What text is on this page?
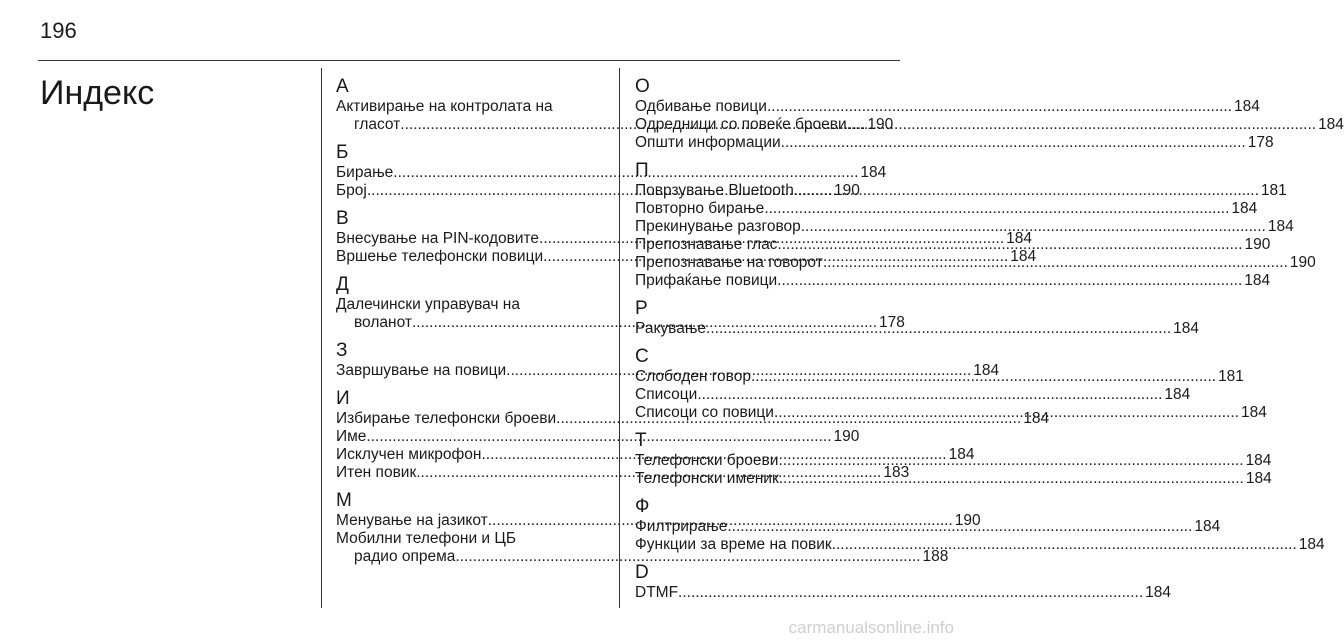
196
Индекс	А
Активирање на контролата на
гласот .....	190
Б
Бирање .....	184
Број .....	190
В
Внесување на PIN-кодовите .....	184
Вршење телефонски повици .....	184
Д
Далечински управувач на
воланот .....	178
З
Завршување на повици .....	184
И
Избирање телефонски броеви .....	184
Име .....	190
Исклучен микрофон .....	184
Итен повик .....	183
М
Менување на јазикот .....	190
Мобилни телефони и ЦБ
радио опрема .....	188
О
Одбивање повици .....	184
Одредници со повеќе броеви. .....	184
Општи информации .....	178
П
Поврзување Bluetooth .....	181
Повторно бирање .....	184
Прекинување разговор .....	184
Препознавање глас .....	190
Препознавање на говорот .....	190
Прифаќање повици .....	184
Р
Ракување .....	184
С
Слободен говор .....	181
Списоци .....	184
Списоци со повици .....	184
Т
Телефонски броеви .....	184
Телефонски именик .....	184
Ф
Филтрирање .....	184
Функции за време на повик .....	184
D
DTMF .....	184
carmanualsonline.info
